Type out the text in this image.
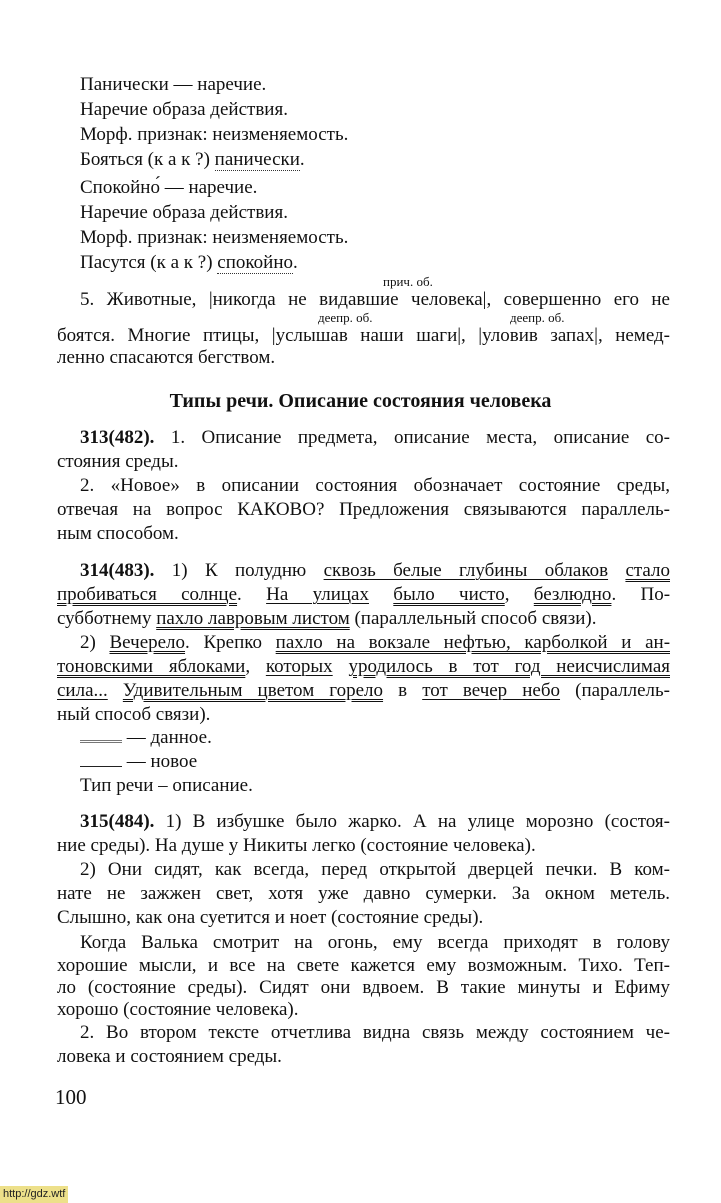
Типы речи. Описание состояния человека
прич. об.
деепр. об.	деепр. об.
Панически — наречие.
Наречие образа действия.
Морф. признак: неизменяемость.
Бояться (к а к ?) панически.
Спокойно́ — наречие.
Наречие образа действия.
Морф. признак: неизменяемость.
Пасутся (к а к ?) спокойно.
5. Животные, |никогда не видавшие человека|, совершенно его не
боятся. Многие птицы, |услышав наши шаги|, |уловив запах|, немед-
ленно спасаются бегством.
313(482). 1. Описание предмета, описание места, описание со-
стояния среды.
2. «Новое» в описании состояния обозначает состояние среды,
отвечая на вопрос КАКОВО? Предложения связываются параллель-
ным способом.
314(483). 1) К полудню сквозь белые глубины облаков стало
пробиваться солнце. На улицах было чисто, безлюдно. По-
субботнему пахло лавровым листом (параллельный способ связи).
2) Вечерело. Крепко пахло на вокзале нефтью, карболкой и ан-
тоновскими яблоками, которых уродилось в тот год неисчислимая
сила... Удивительным цветом горело в тот вечер небо (параллель-
ный способ связи).
— данное.
— новое
Тип речи – описание.
315(484). 1) В избушке было жарко. А на улице морозно (состоя-
ние среды). На душе у Никиты легко (состояние человека).
2) Они сидят, как всегда, перед открытой дверцей печки. В ком-
нате не зажжен свет, хотя уже давно сумерки. За окном метель.
Слышно, как она суетится и ноет (состояние среды).
Когда Валька смотрит на огонь, ему всегда приходят в голову
хорошие мысли, и все на свете кажется ему возможным. Тихо. Теп-
ло (состояние среды). Сидят они вдвоем. В такие минуты и Ефиму
хорошо (состояние человека).
2. Во втором тексте отчетлива видна связь между состоянием че-
ловека и состоянием среды.
100
http://gdz.wtf
